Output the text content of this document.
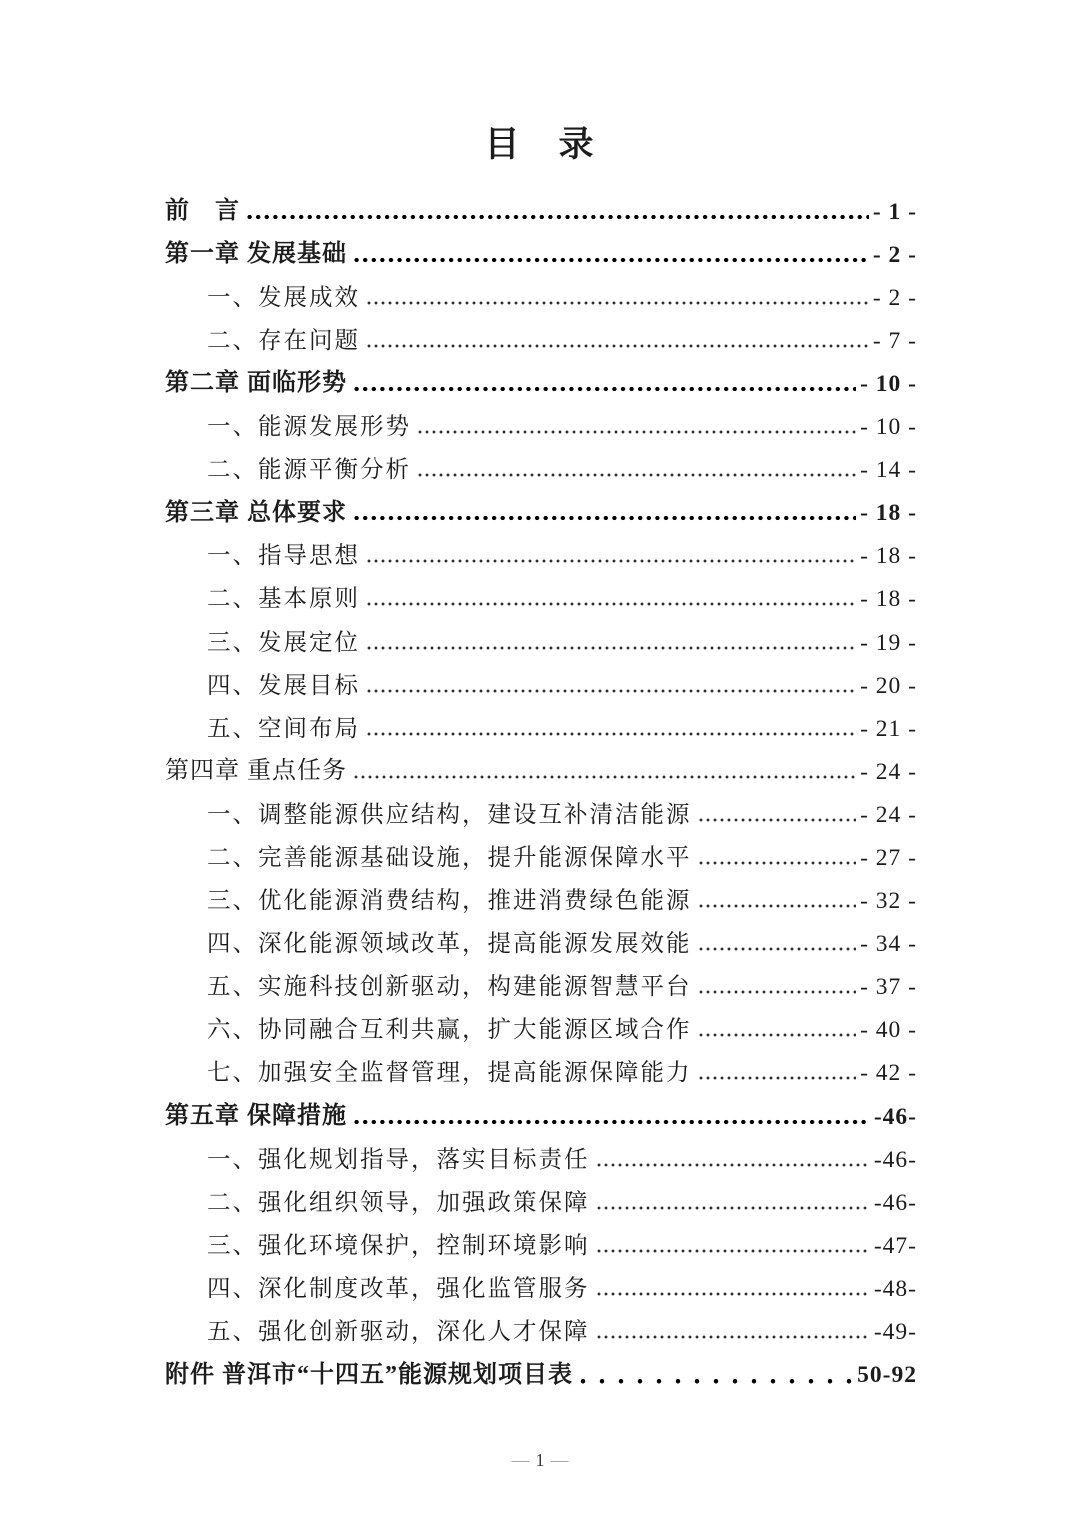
目　录
前　言	- 1 -
第一章 发展基础	- 2 -
一、发展成效	- 2 -
二、存在问题	- 7 -
第二章 面临形势	- 10 -
一、能源发展形势	- 10 -
二、能源平衡分析	- 14 -
第三章 总体要求	- 18 -
一、指导思想	- 18 -
二、基本原则	- 18 -
三、发展定位	- 19 -
四、发展目标	- 20 -
五、空间布局	- 21 -
第四章 重点任务	- 24 -
一、调整能源供应结构，建设互补清洁能源	- 24 -
二、完善能源基础设施，提升能源保障水平	- 27 -
三、优化能源消费结构，推进消费绿色能源	- 32 -
四、深化能源领域改革，提高能源发展效能	- 34 -
五、实施科技创新驱动，构建能源智慧平台	- 37 -
六、协同融合互利共赢，扩大能源区域合作	- 40 -
七、加强安全监督管理，提高能源保障能力	- 42 -
第五章 保障措施	-46-
一、强化规划指导，落实目标责任	-46-
二、强化组织领导，加强政策保障	-46-
三、强化环境保护，控制环境影响	-47-
四、深化制度改革，强化监管服务	-48-
五、强化创新驱动，深化人才保障	-49-
附件 普洱市“十四五”能源规划项目表	50-92
— 1 —
